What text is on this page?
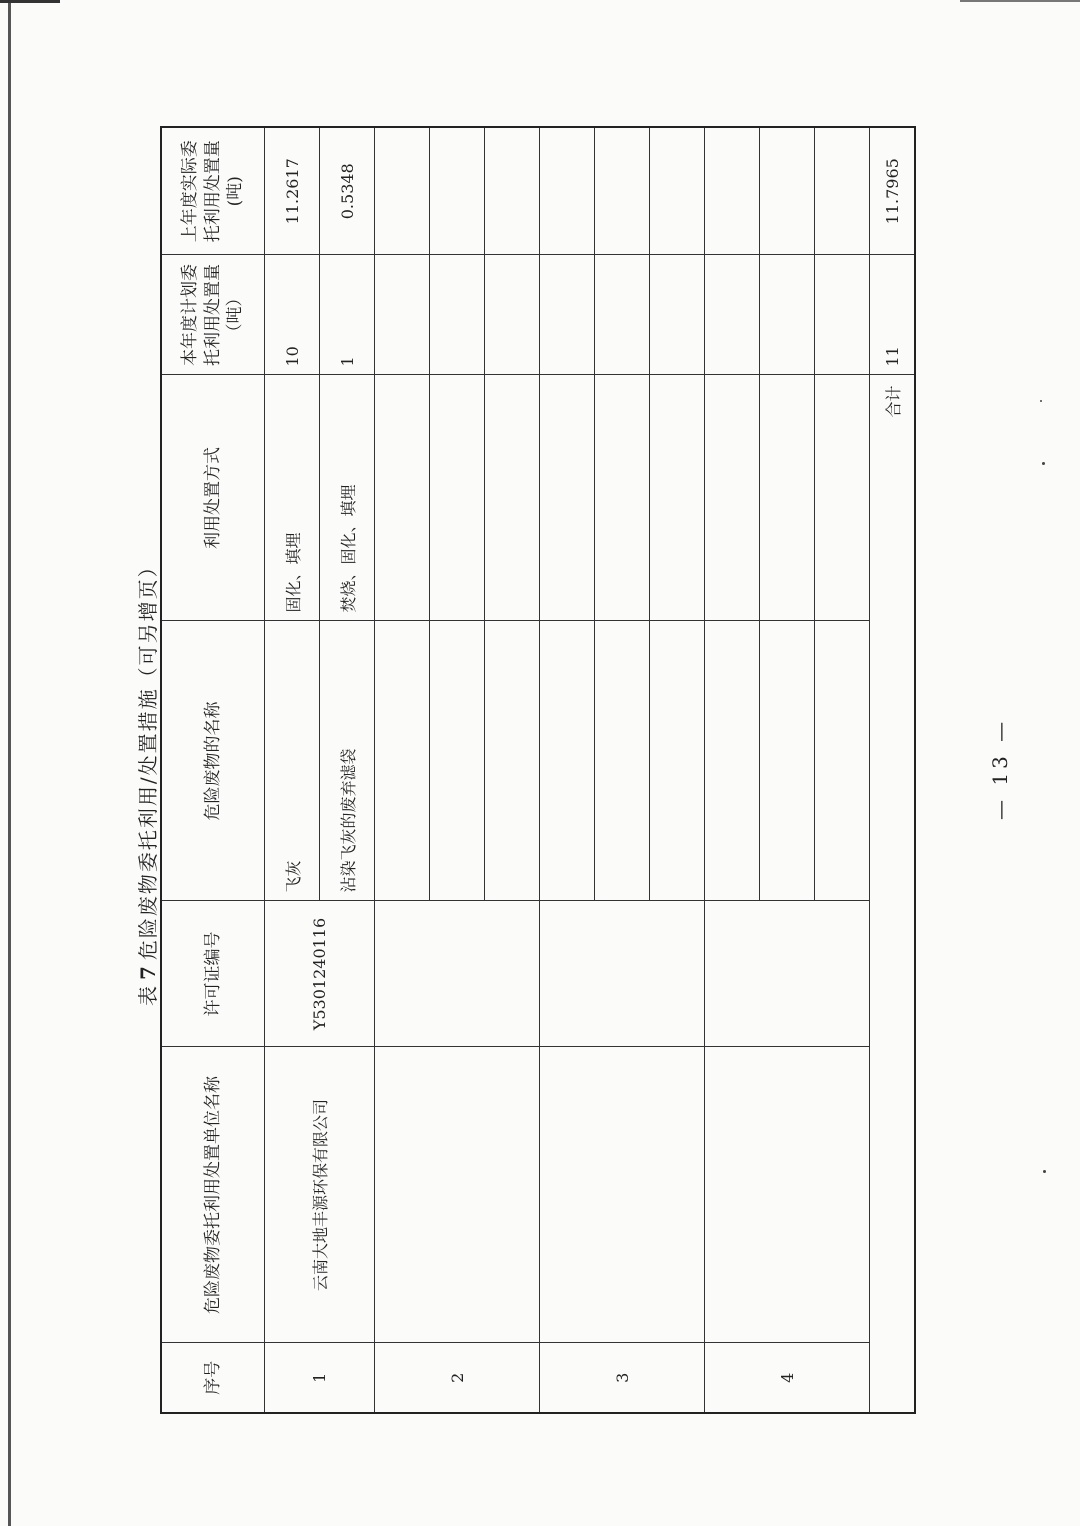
表7危险废物委托利用/处置措施（可另增页）
序号	危险废物委托利用处置单位名称	许可证编号	危险废物的名称	利用处置方式	本年度计划委托利用处置量（吨）	上年度实际委托利用处置量(吨)
1	云南大地丰源环保有限公司	Y5301240116	飞灰	固化、填埋	10	11.2617
			沾染飞灰的废弃滤袋	焚烧、固化、填埋	1	0.5348
2						

3						

4						

合计					11	11.7965
— 13 —
